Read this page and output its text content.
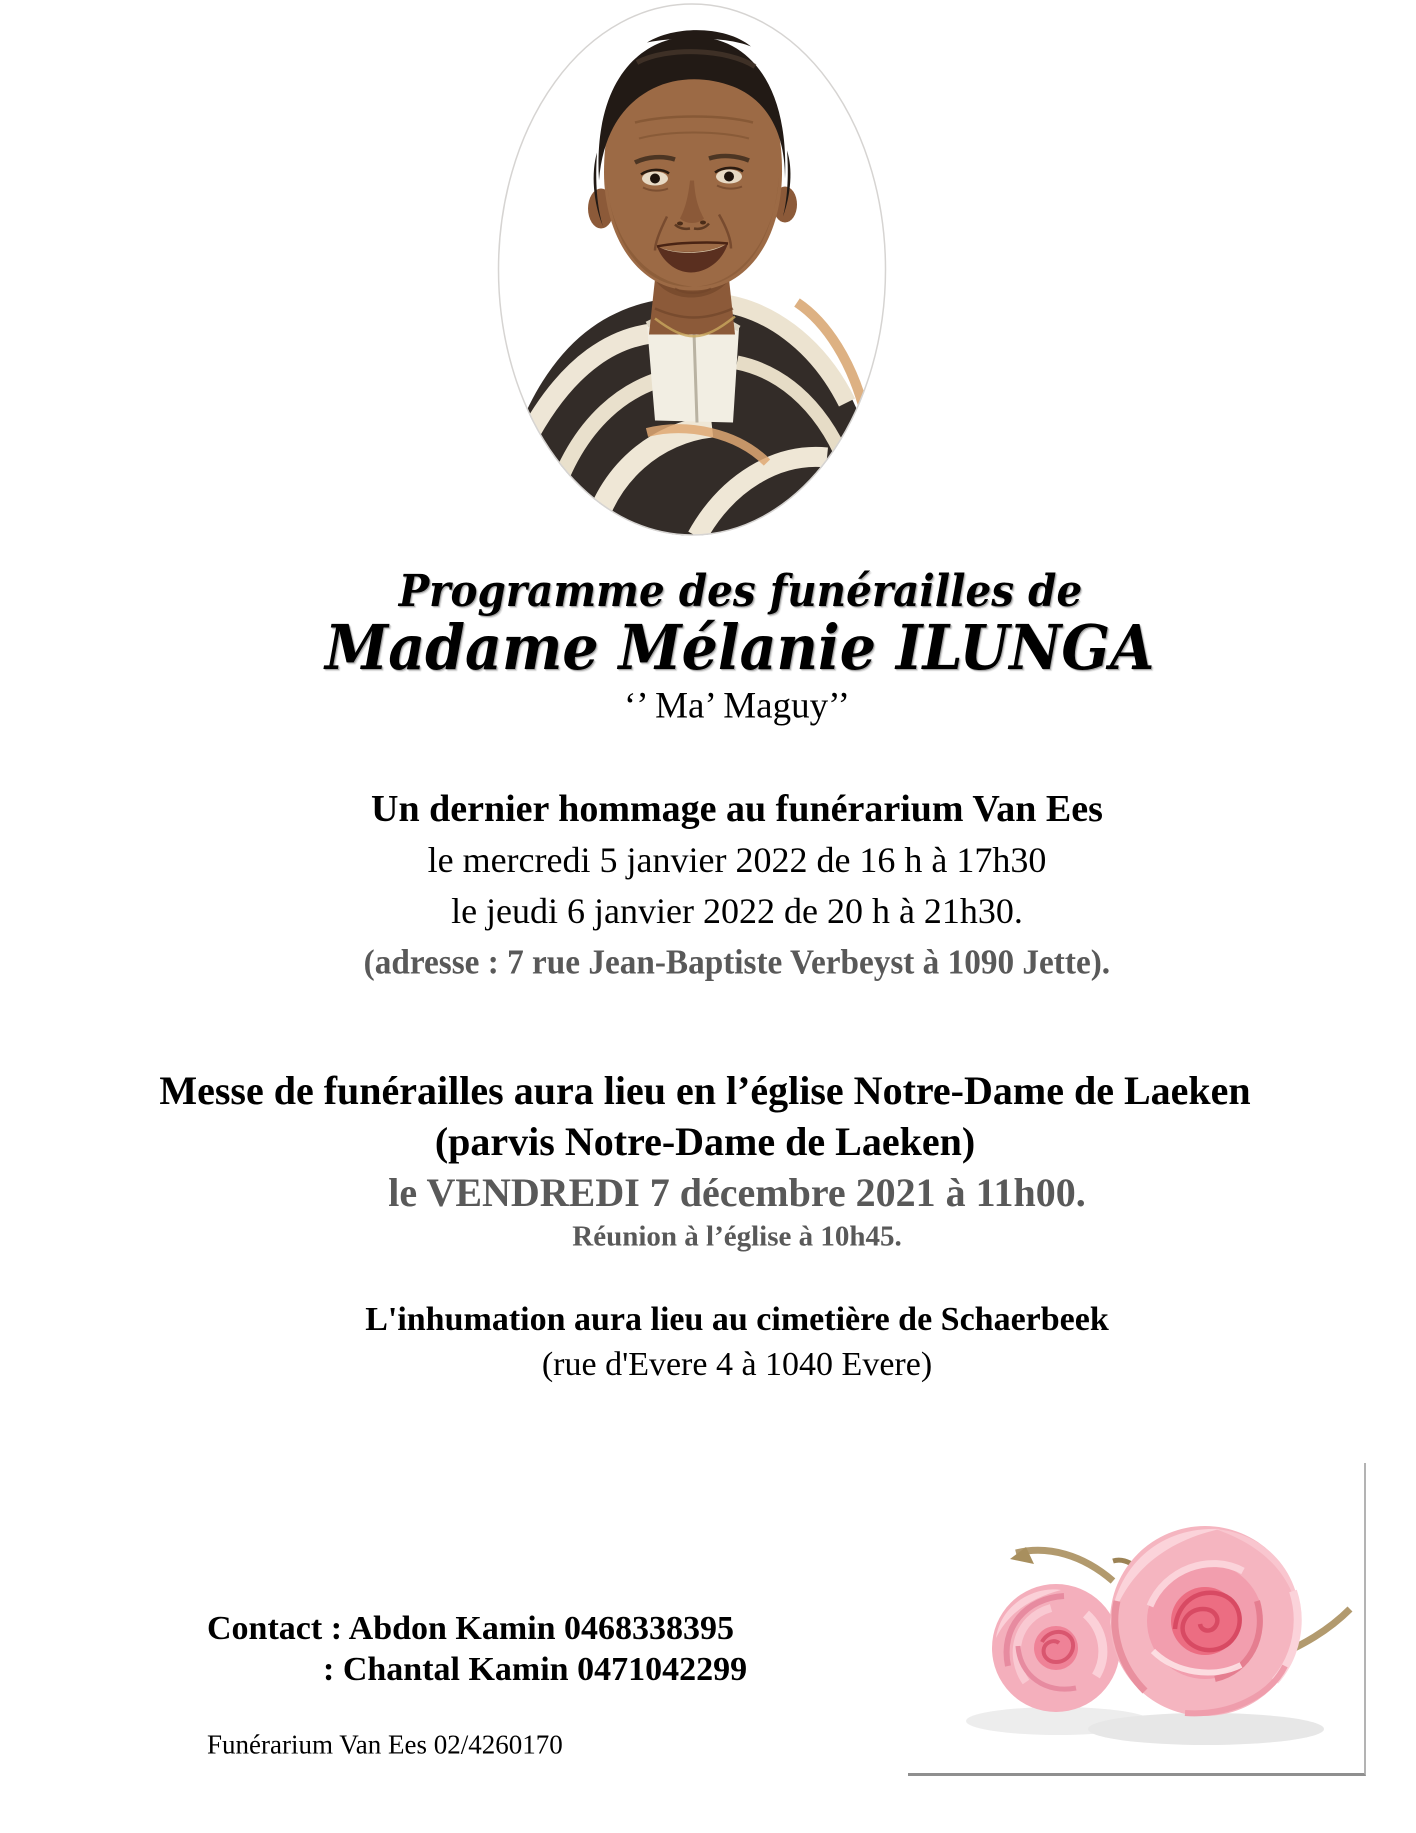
Programme des funérailles de
Madame Mélanie ILUNGA
‘’ Ma’ Maguy’’
Un dernier hommage au funérarium Van Ees
le mercredi 5 janvier 2022 de 16 h à 17h30
le jeudi 6 janvier 2022 de 20 h à 21h30.
(adresse : 7 rue Jean-Baptiste Verbeyst à 1090 Jette).
Messe de funérailles aura lieu en l’église Notre-Dame de Laeken
(parvis Notre-Dame de Laeken)
le VENDREDI 7 décembre 2021 à 11h00.
Réunion à l’église à 10h45.
L'inhumation aura lieu au cimetière de Schaerbeek
(rue d'Evere 4 à 1040 Evere)
Contact : Abdon Kamin 0468338395
: Chantal Kamin 0471042299
Funérarium Van Ees 02/4260170
